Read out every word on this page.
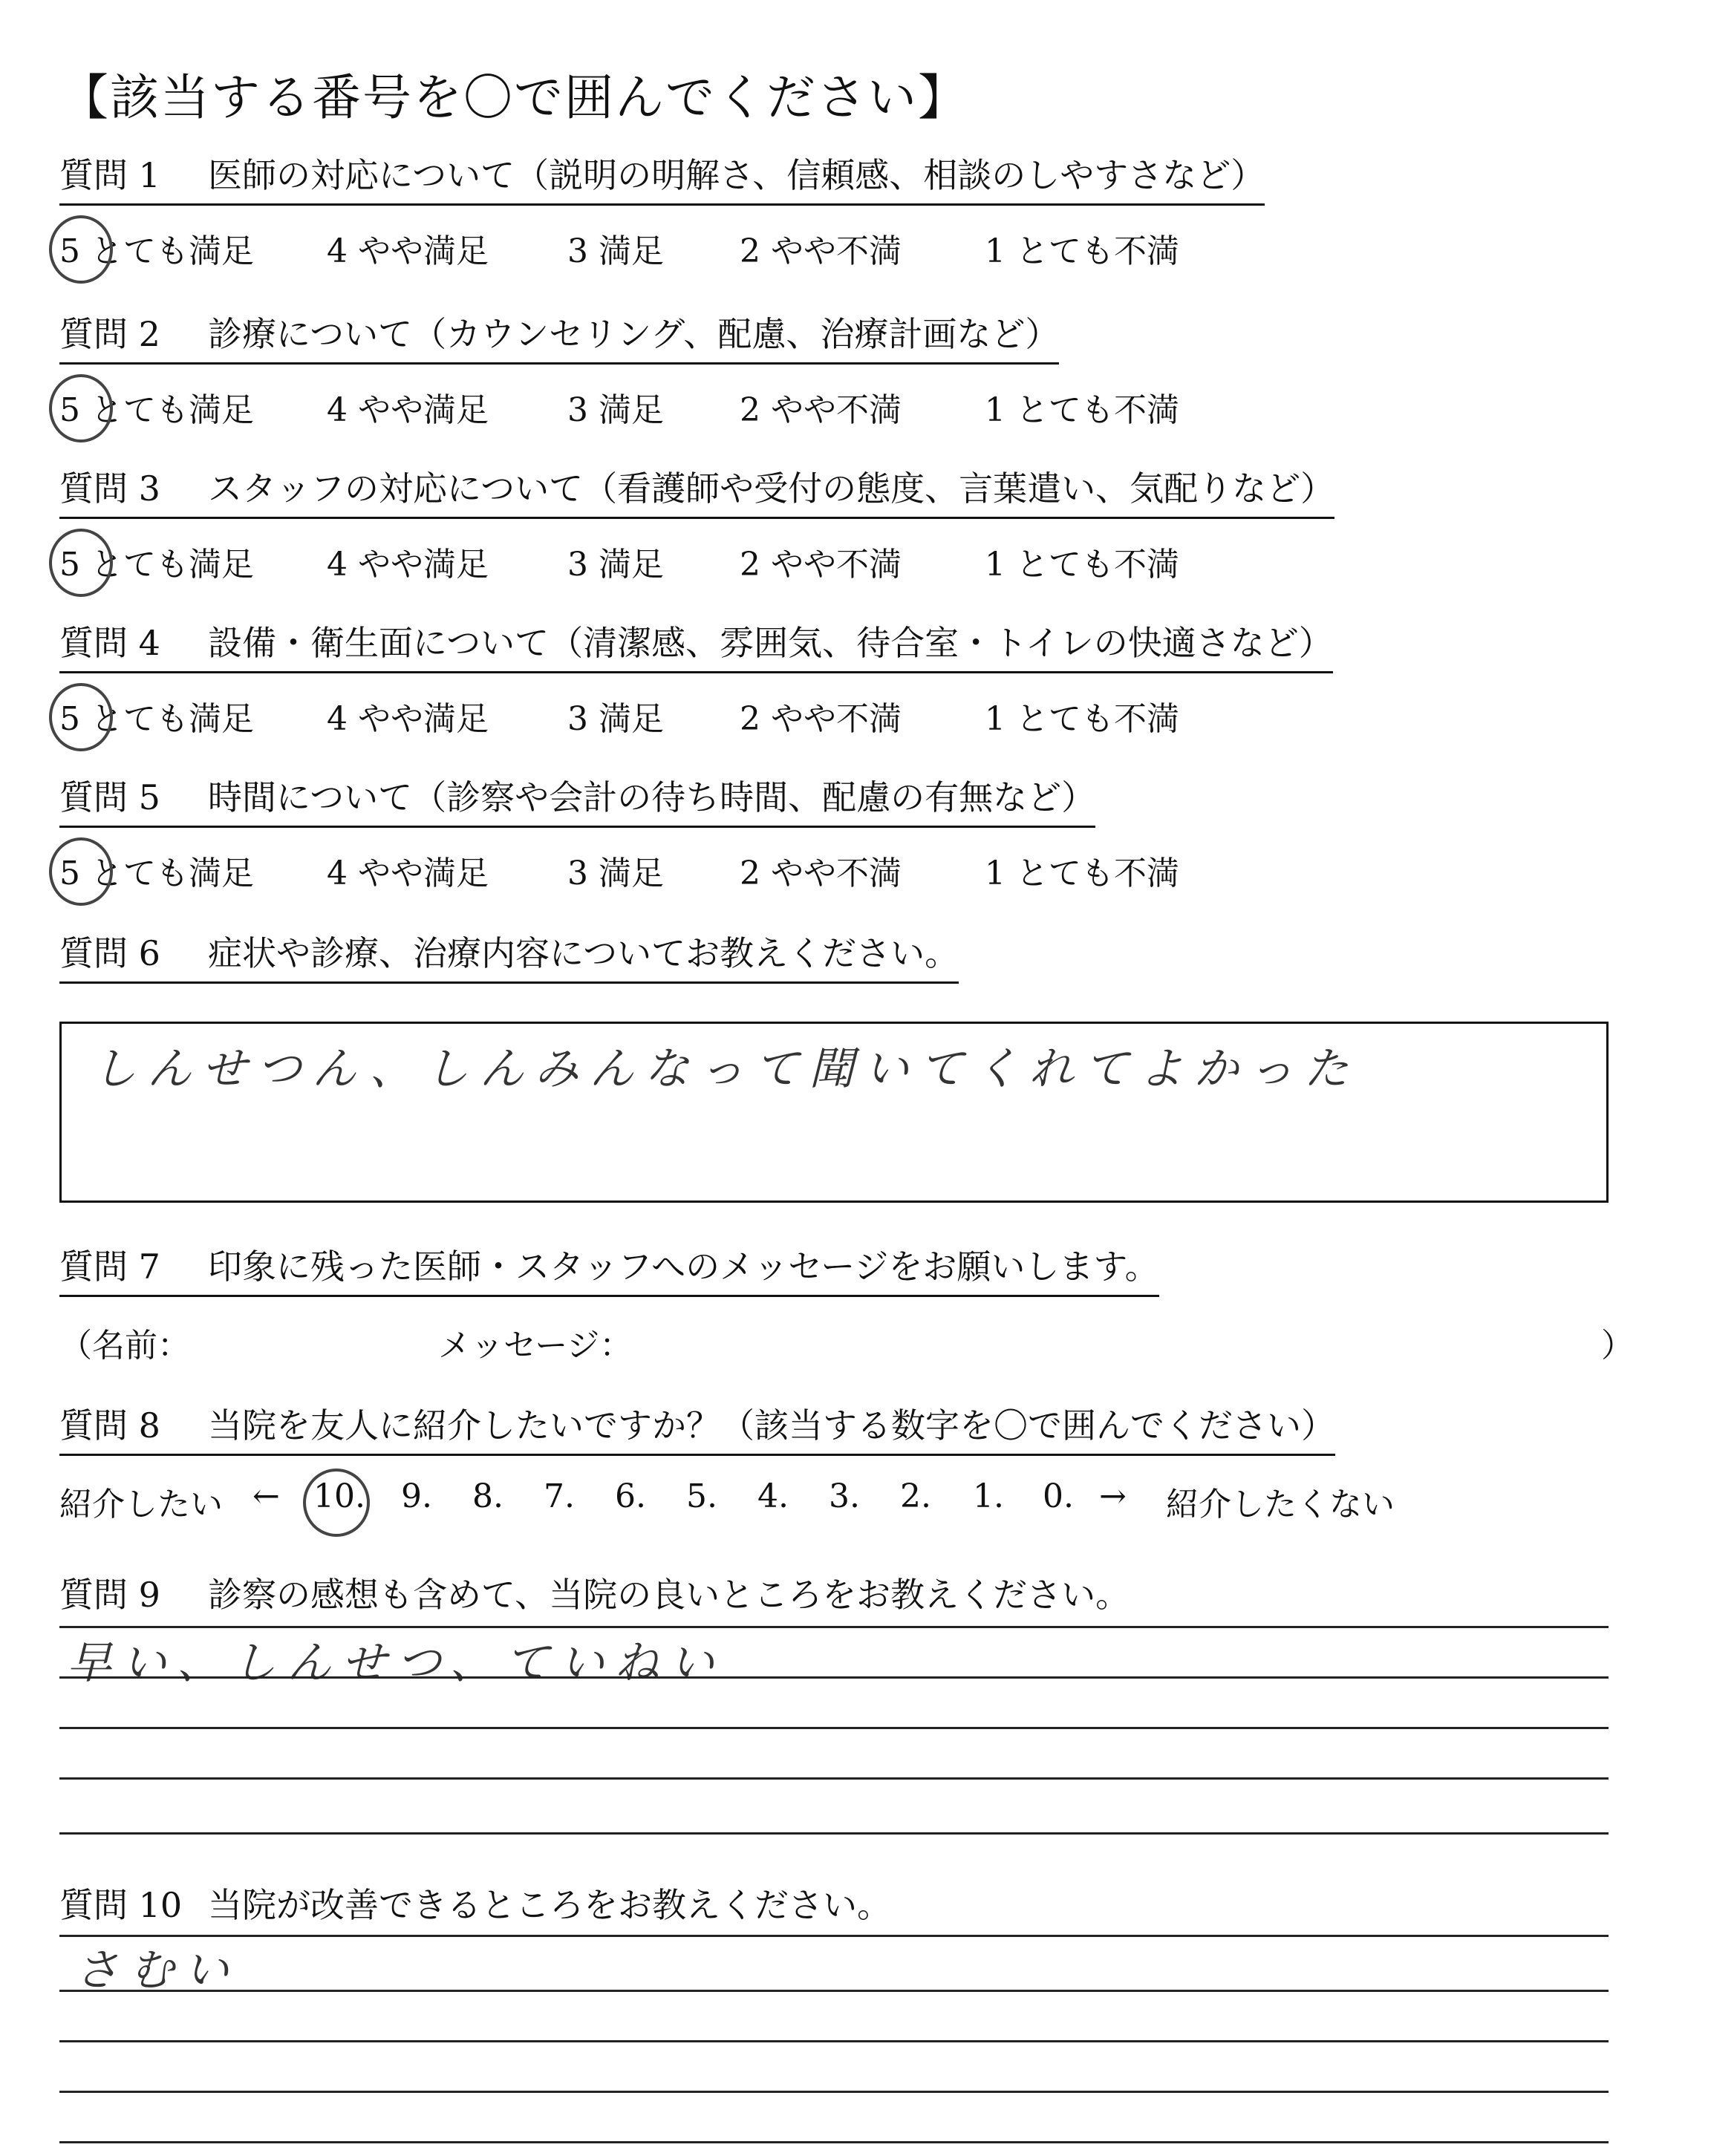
【該当する番号を〇で囲んでください】
質問 1 医師の対応について（説明の明解さ、信頼感、相談のしやすさなど）
5 とても満足 4 やや満足 3 満足 2 やや不満	1 とても不満
質問 2 診療について（カウンセリング、配慮、治療計画など）
5 とても満足 4 やや満足 3 満足 2 やや不満	1 とても不満
質問 3 スタッフの対応について（看護師や受付の態度、言葉遣い、気配りなど）
5 とても満足 4 やや満足 3 満足 2 やや不満	1 とても不満
質問 4 設備・衛生面について（清潔感、雰囲気、待合室・トイレの快適さなど）
5 とても満足 4 やや満足 3 満足 2 やや不満	1 とても不満
質問 5 時間について（診察や会計の待ち時間、配慮の有無など）
5 とても満足 4 やや満足 3 満足 2 やや不満	1 とても不満
質問 6 症状や診療、治療内容についてお教えください。
しんせつん、しんみんなって聞いてくれてよかった
質問 7 印象に残った医師・スタッフへのメッセージをお願いします。
（名前：	メッセージ：	）
質問 8 当院を友人に紹介したいですか？（該当する数字を〇で囲んでください）
紹介したい ← 10. 9. 8. 7. 6. 5. 4. 3. 2. 1. 0. → 紹介したくない
質問 9 診察の感想も含めて、当院の良いところをお教えください。
早い、しんせつ、ていねい
質問 10 当院が改善できるところをお教えください。
さむい
